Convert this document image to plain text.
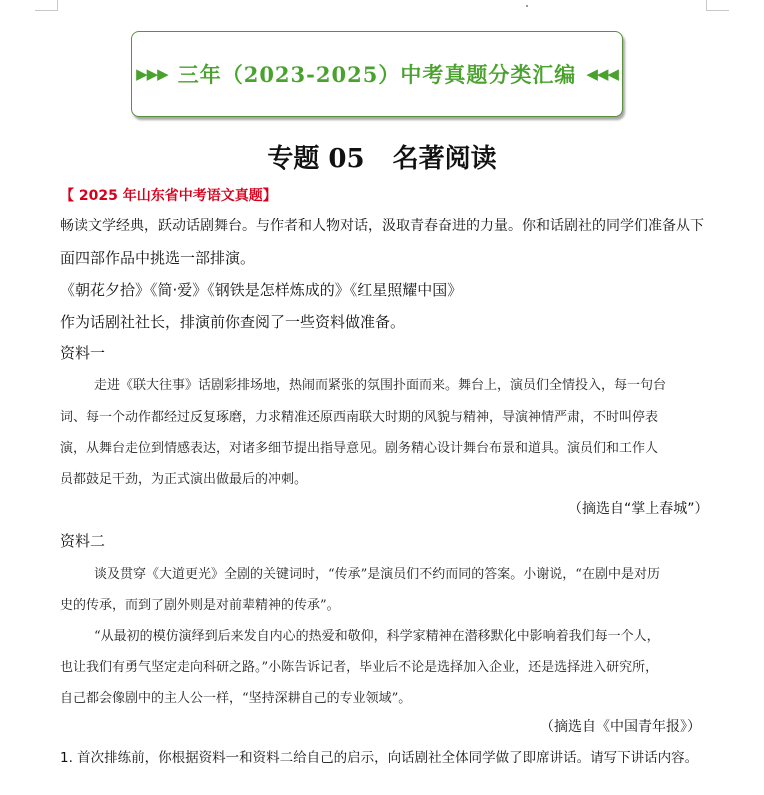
▶▶▶ 三年（2023-2025）中考真题分类汇编 ◀◀◀
专题 05 名著阅读
【 2025 年山东省中考语文真题】
畅读文学经典，跃动话剧舞台。与作者和人物对话，汲取青春奋进的力量。你和话剧社的同学们准备从下
面四部作品中挑选一部排演。
《朝花夕拾》《简·爱》《钢铁是怎样炼成的》《红星照耀中国》
作为话剧社社长，排演前你查阅了一些资料做准备。
资料一
走进《联大往事》话剧彩排场地，热闹而紧张的氛围扑面而来。舞台上，演员们全情投入，每一句台
词、每一个动作都经过反复琢磨，力求精准还原西南联大时期的风貌与精神，导演神情严肃，不时叫停表
演，从舞台走位到情感表达，对诸多细节提出指导意见。剧务精心设计舞台布景和道具。演员们和工作人
员都鼓足干劲，为正式演出做最后的冲刺。
（摘选自“掌上春城”）
资料二
谈及贯穿《大道更光》全剧的关键词时，“传承”是演员们不约而同的答案。小谢说，“在剧中是对历
史的传承，而到了剧外则是对前辈精神的传承”。
“从最初的模仿演绎到后来发自内心的热爱和敬仰，科学家精神在潜移默化中影响着我们每一个人，
也让我们有勇气坚定走向科研之路。”小陈告诉记者，毕业后不论是选择加入企业，还是选择进入研究所，
自己都会像剧中的主人公一样，“坚持深耕自己的专业领域”。
（摘选自《中国青年报》）
1. 首次排练前，你根据资料一和资料二给自己的启示，向话剧社全体同学做了即席讲话。请写下讲话内容。
